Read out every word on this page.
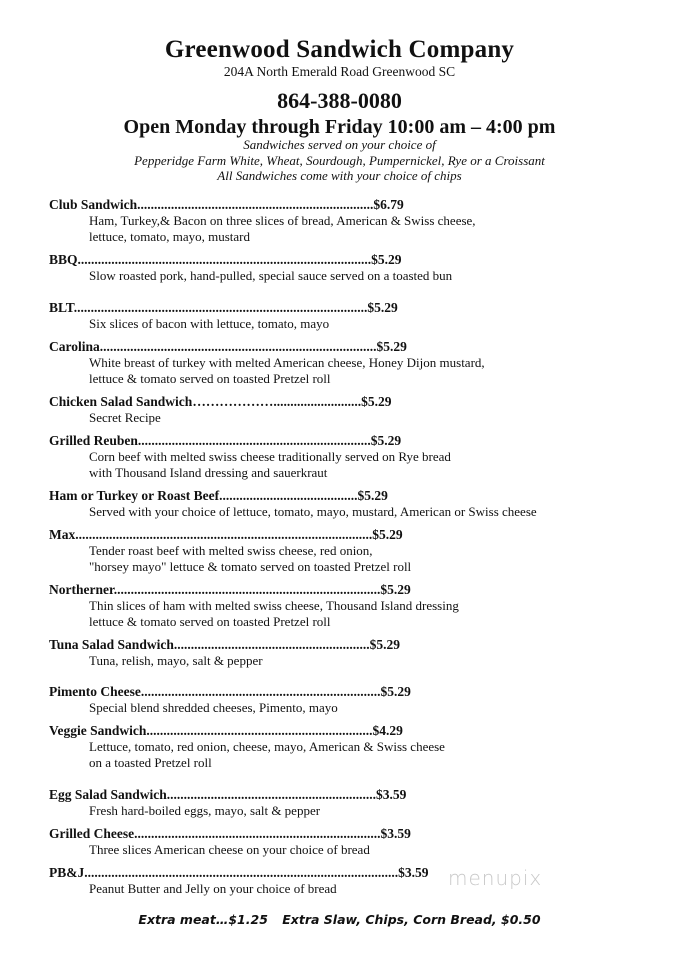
Greenwood Sandwich Company
204A North Emerald Road Greenwood SC
864-388-0080
Open Monday through Friday 10:00 am – 4:00 pm
Sandwiches served on your choice of
Pepperidge Farm White, Wheat, Sourdough, Pumpernickel, Rye or a Croissant
All Sandwiches come with your choice of chips
Club Sandwich......................................................................$6.79
Ham, Turkey,& Bacon on three slices of bread, American & Swiss cheese,
lettuce, tomato, mayo, mustard
BBQ.......................................................................................$5.29
Slow roasted pork, hand-pulled, special sauce served on a toasted bun
BLT.......................................................................................$5.29
Six slices of bacon with lettuce, tomato, mayo
Carolina..................................................................................$5.29
White breast of turkey with melted American cheese, Honey Dijon mustard,
lettuce & tomato served on toasted Pretzel roll
Chicken Salad Sandwich………………..........................$5.29
Secret Recipe
Grilled Reuben.....................................................................$5.29
Corn beef with melted swiss cheese traditionally served on Rye bread
with Thousand Island dressing and sauerkraut
Ham or Turkey or Roast Beef.........................................$5.29
Served with your choice of lettuce, tomato, mayo, mustard, American or Swiss cheese
Max........................................................................................$5.29
Tender roast beef with melted swiss cheese, red onion,
"horsey mayo" lettuce & tomato served on toasted Pretzel roll
Northerner...............................................................................$5.29
Thin slices of ham with melted swiss cheese, Thousand Island dressing
lettuce & tomato served on toasted Pretzel roll
Tuna Salad Sandwich..........................................................$5.29
Tuna, relish, mayo, salt & pepper
Pimento Cheese.......................................................................$5.29
Special blend shredded cheeses, Pimento, mayo
Veggie Sandwich...................................................................$4.29
Lettuce, tomato, red onion, cheese, mayo, American & Swiss cheese
on a toasted Pretzel roll
Egg Salad Sandwich..............................................................$3.59
Fresh hard-boiled eggs, mayo, salt & pepper
Grilled Cheese.........................................................................$3.59
Three slices American cheese on your choice of bread
PB&J.............................................................................................$3.59
Peanut Butter and Jelly on your choice of bread	menupix
Extra meat…$1.25 Extra Slaw, Chips, Corn Bread, $0.50
